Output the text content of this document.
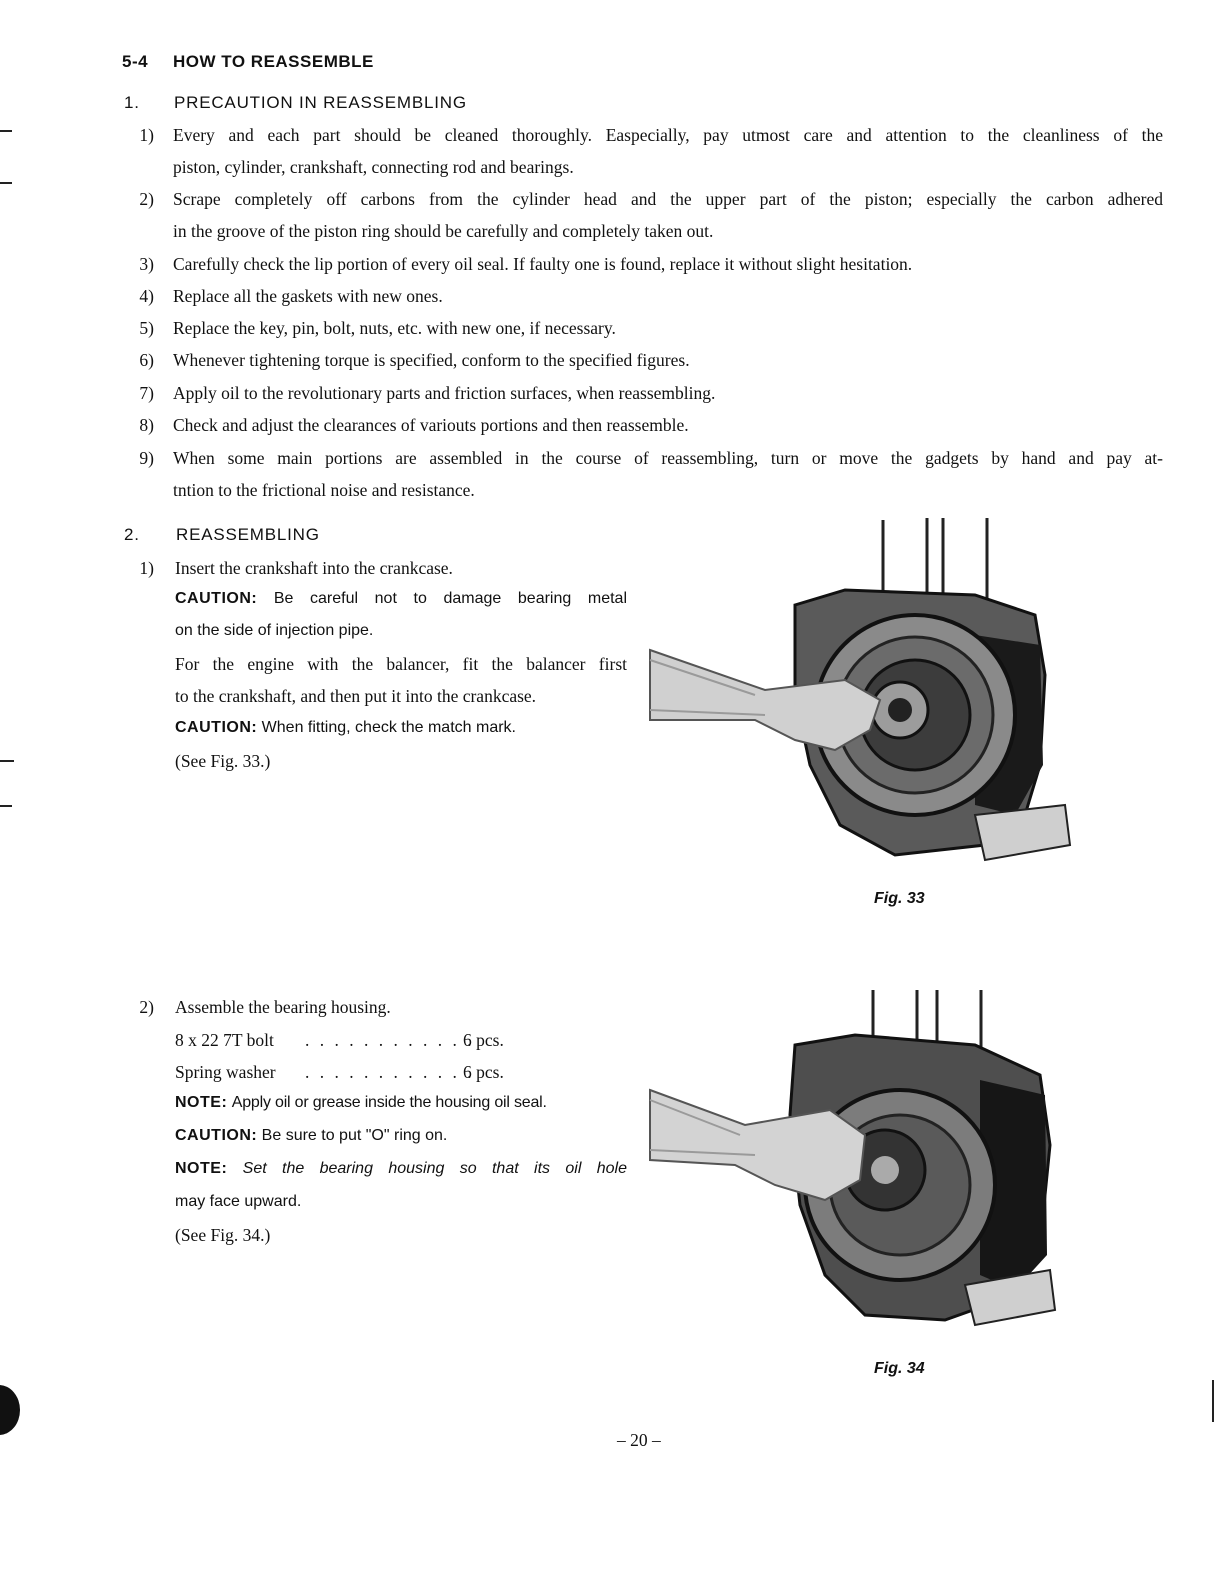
5-4 HOW TO REASSEMBLE
1. PRECAUTION IN REASSEMBLING
1) Every and each part should be cleaned thoroughly. Easpecially, pay utmost care and attention to the cleanliness of the
piston, cylinder, crankshaft, connecting rod and bearings.
2) Scrape completely off carbons from the cylinder head and the upper part of the piston; especially the carbon adhered
in the groove of the piston ring should be carefully and completely taken out.
3) Carefully check the lip portion of every oil seal. If faulty one is found, replace it without slight hesitation.
4) Replace all the gaskets with new ones.
5) Replace the key, pin, bolt, nuts, etc. with new one, if necessary.
6) Whenever tightening torque is specified, conform to the specified figures.
7) Apply oil to the revolutionary parts and friction surfaces, when reassembling.
8) Check and adjust the clearances of variouts portions and then reassemble.
9) When some main portions are assembled in the course of reassembling, turn or move the gadgets by hand and pay at-
tntion to the frictional noise and resistance.
2. REASSEMBLING
1) Insert the crankshaft into the crankcase.
CAUTION: Be careful not to damage bearing metal
on the side of injection pipe.
For the engine with the balancer, fit the balancer first
to the crankshaft, and then put it into the crankcase.
CAUTION: When fitting, check the match mark.
(See Fig. 33.)
Fig. 33
2) Assemble the bearing housing.
8 x 22 7T bolt . . . . . . . . . . . .
6 pcs.
Spring washer . . . . . . . . . . . .
6 pcs.
NOTE: Apply oil or grease inside the housing oil seal.
CAUTION: Be sure to put "O" ring on.
NOTE: Set the bearing housing so that its oil hole
may face upward.
(See Fig. 34.)
Fig. 34
– 20 –
